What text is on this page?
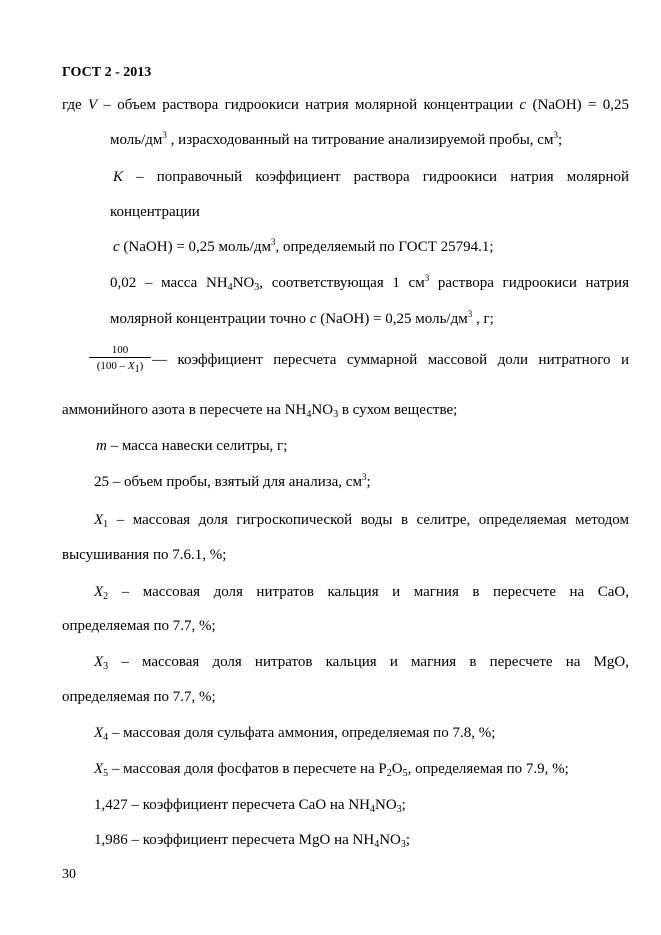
ГОСТ 2 - 2013
где V – объем раствора гидроокиси натрия молярной концентрации c (NaOH) = 0,25
моль/$дм^3$ , израсходованный на титрование анализируемой пробы, $см^3$;
K – поправочный коэффициент раствора гидроокиси натрия молярной
концентрации
c (NaOH) = 0,25 моль/$дм^3$, определяемый по ГОСТ 25794.1;
0,02 – масса $NH_4NO_3$, соответствующая 1 $см^3$ раствора гидроокиси натрия
молярной концентрации точно c (NaOH) = 0,25 моль/$дм^3$ , г;
$\frac{100}{(100 - X_1)}$ — коэффициент пересчета суммарной массовой доли нитратного и
аммонийного азота в пересчете на $NH_4NO_3$ в сухом веществе;
m – масса навески селитры, г;
25 – объем пробы, взятый для анализа, $см^3$;
$X_1$ – массовая доля гигроскопической воды в селитре, определяемая методом
высушивания по 7.6.1, %;
$X_2$ – массовая доля нитратов кальция и магния в пересчете на CaO,
определяемая по 7.7, %;
$X_3$ – массовая доля нитратов кальция и магния в пересчете на MgO,
определяемая по 7.7, %;
$X_4$ – массовая доля сульфата аммония, определяемая по 7.8, %;
$X_5$ – массовая доля фосфатов в пересчете на $P_2O_5$, определяемая по 7.9, %;
1,427 – коэффициент пересчета CaO на $NH_4NO_3$;
1,986 – коэффициент пересчета MgO на $NH_4NO_3$;
30
